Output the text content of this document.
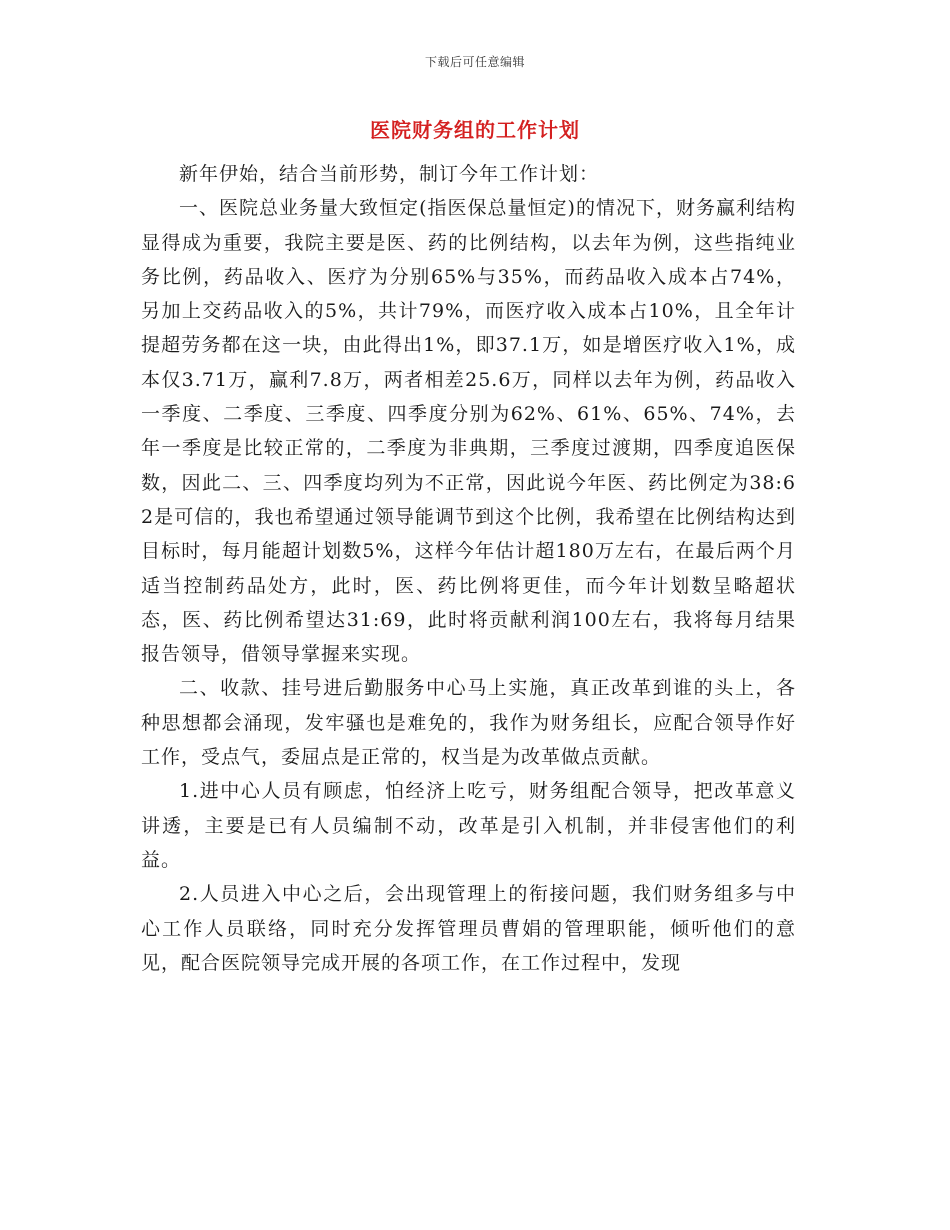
下载后可任意编辑
医院财务组的工作计划

新年伊始，结合当前形势，制订今年工作计划：

一、医院总业务量大致恒定(指医保总量恒定)的情况下，财务赢利结构显得成为重要，我院主要是医、药的比例结构，以去年为例，这些指纯业务比例，药品收入、医疗为分别65%与35%，而药品收入成本占74%，另加上交药品收入的5%，共计79%，而医疗收入成本占10%，且全年计提超劳务都在这一块，由此得出1%，即37.1万，如是增医疗收入1%，成本仅3.71万，赢利7.8万，两者相差25.6万，同样以去年为例，药品收入一季度、二季度、三季度、四季度分别为62%、61%、65%、74%，去年一季度是比较正常的，二季度为非典期，三季度过渡期，四季度追医保数，因此二、三、四季度均列为不正常，因此说今年医、药比例定为38:62是可信的，我也希望通过领导能调节到这个比例，我希望在比例结构达到目标时，每月能超计划数5%，这样今年估计超180万左右，在最后两个月适当控制药品处方，此时，医、药比例将更佳，而今年计划数呈略超状态，医、药比例希望达31:69，此时将贡献利润100左右，我将每月结果报告领导，借领导掌握来实现。

二、收款、挂号进后勤服务中心马上实施，真正改革到谁的头上，各种思想都会涌现，发牢骚也是难免的，我作为财务组长，应配合领导作好工作，受点气，委屈点是正常的，权当是为改革做点贡献。

1.进中心人员有顾虑，怕经济上吃亏，财务组配合领导，把改革意义讲透，主要是已有人员编制不动，改革是引入机制，并非侵害他们的利益。

2.人员进入中心之后，会出现管理上的衔接问题，我们财务组多与中心工作人员联络，同时充分发挥管理员曹娟的管理职能，倾听他们的意见，配合医院领导完成开展的各项工作，在工作过程中，发现
